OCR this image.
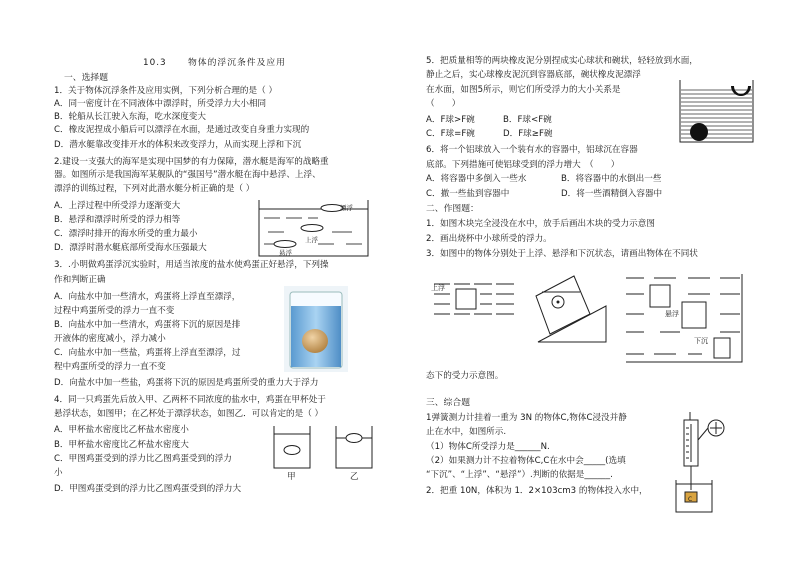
10.3 物体的浮沉条件及应用
一、选择题
1．关于物体沉浮条件及应用实例，下列分析合理的是（ ）
A．同一密度计在不同液体中漂浮时，所受浮力大小相同
B．轮船从长江驶入东海，吃水深度变大
C．橡皮泥捏成小船后可以漂浮在水面，是通过改变自身重力实现的
D．潜水艇靠改变排开水的体积来改变浮力，从而实现上浮和下沉
2.建设一支强大的海军是实现中国梦的有力保障，潜水艇是海军的战略重
器。如图所示是我国海军某舰队的“强国号”潜水艇在海中悬浮、上浮、
漂浮的训练过程，下列对此潜水艇分析正确的是（ ）
A．上浮过程中所受浮力逐渐变大
B．悬浮和漂浮时所受的浮力相等
C．漂浮时排开的海水所受的重力最小
D．漂浮时潜水艇底部所受海水压强最大
漂浮
上浮
悬浮
3．.小明做鸡蛋浮沉实验时，用适当浓度的盐水使鸡蛋正好悬浮，下列操
作和判断正确
A．向盐水中加一些清水，鸡蛋将上浮直至漂浮，
过程中鸡蛋所受的浮力一直不变
B．向盐水中加一些清水，鸡蛋将下沉的原因是排
开液体的密度减小，浮力减小
C．向盐水中加一些盐，鸡蛋将上浮直至漂浮，过
程中鸡蛋所受的浮力一直不变
D．向盐水中加一些盐，鸡蛋将下沉的原因是鸡蛋所受的重力大于浮力
4．同一只鸡蛋先后放入甲、乙两杯不同浓度的盐水中，鸡蛋在甲杯处于
悬浮状态，如图甲；在乙杯处于漂浮状态，如图乙．可以肯定的是（ ）
A．甲杯盐水密度比乙杯盐水密度小
B．甲杯盐水密度比乙杯盐水密度大
C．甲图鸡蛋受到的浮力比乙图鸡蛋受到的浮力
小
D．甲图鸡蛋受到的浮力比乙图鸡蛋受到的浮力大
甲	乙
5．把质量相等的两块橡皮泥分别捏成实心球状和碗状，轻轻放到水面，
静止之后，实心球橡皮泥沉到容器底部，碗状橡皮泥漂浮
在水面，如图5所示，则它们所受浮力的大小关系是
（　　）
A．F球>F碗	B．F球<F碗
C．F球=F碗	D．F球≥F碗
6．将一个铝球放入一个装有水的容器中，铝球沉在容器
底部。下列措施可使铝球受到的浮力增大　（　　）
A．将容器中多倒入一些水	B．将容器中的水倒出一些
C．撤一些盐到容器中	D．将一些酒精倒入容器中
二、作图题：
1．如图木块完全浸没在水中，放手后画出木块的受力示意图
2．画出烧杯中小球所受的浮力。
3．如图中的物体分别处于上浮、悬浮和下沉状态，请画出物体在不同状
上浮
悬浮
下沉
态下的受力示意图。
三、综合题
1弹簧测力计挂着一重为 3N 的物体C,物体C浸没并静
止在水中，如图所示.
（1）物体C所受浮力是______N.
（2）如果测力计不拉着物体C,C在水中会_____(选填
“下沉”、“上浮”、“悬浮”）.判断的依据是______.
2．把重 10N，体积为 1．2×103cm3 的物体投入水中，
C
